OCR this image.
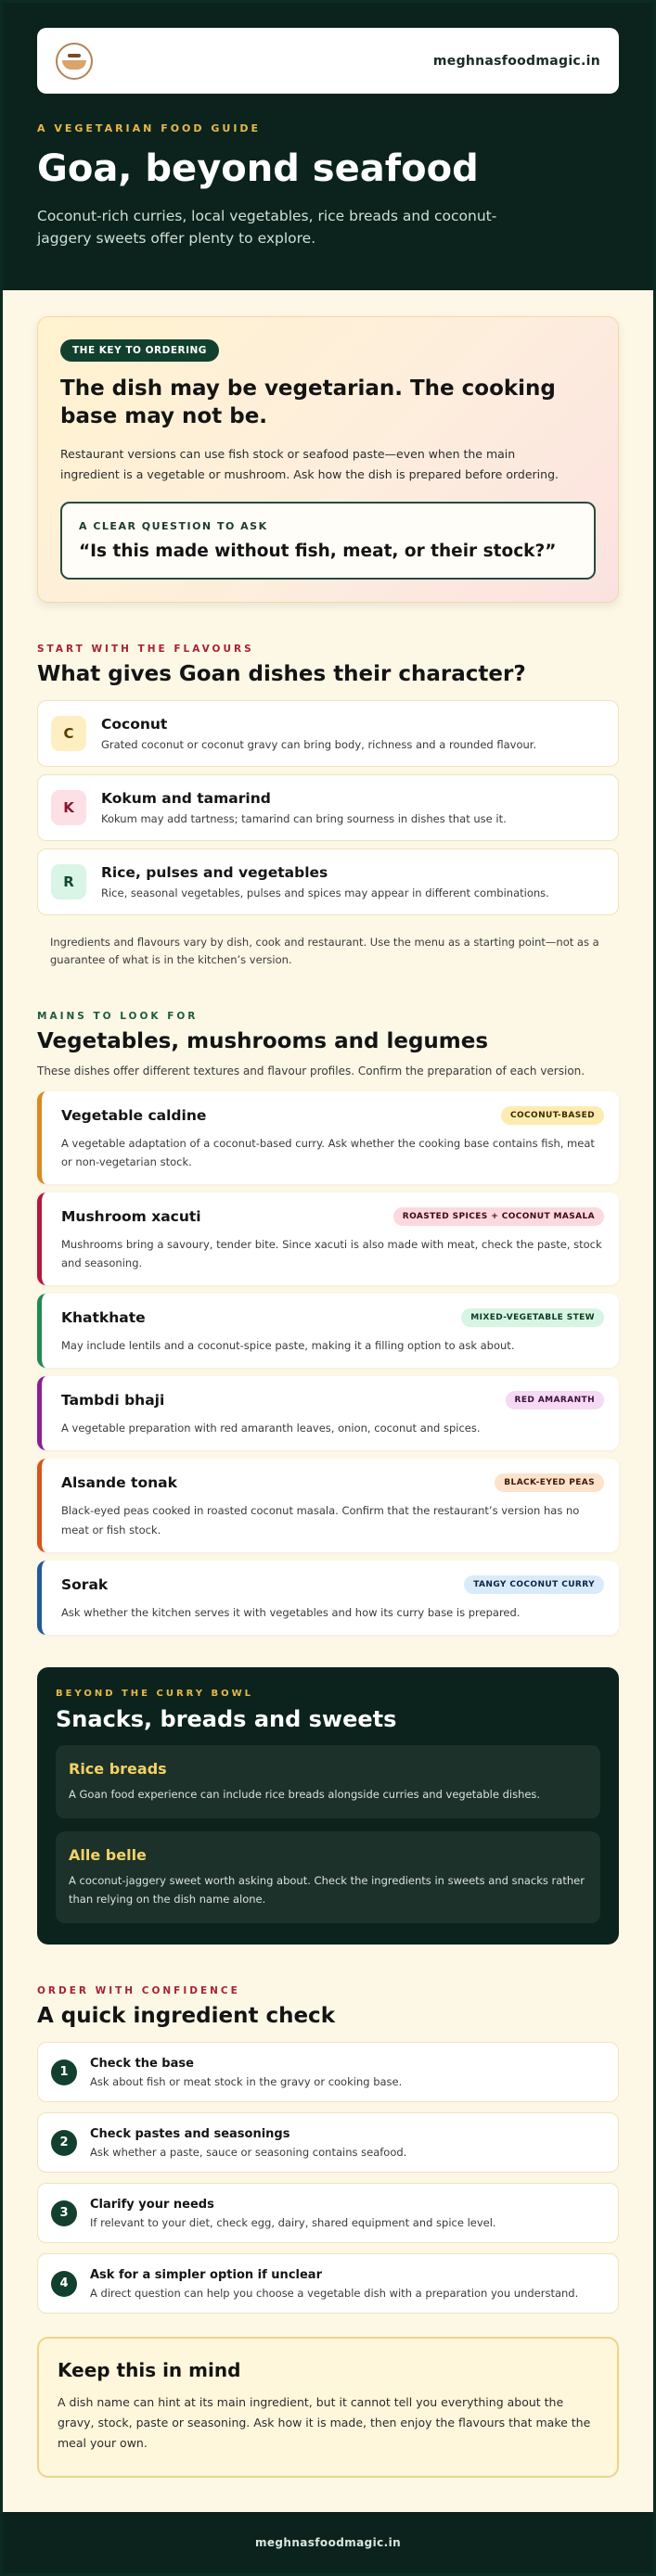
meghnasfoodmagic.in
A VEGETARIAN FOOD GUIDE
Goa, beyond seafood

Coconut-rich curries, local vegetables, rice breads and coconut-jaggery sweets offer plenty to explore.

THE KEY TO ORDERING
The dish may be vegetarian. The cooking base may not be.

Restaurant versions can use fish stock or seafood paste—even when the main ingredient is a vegetable or mushroom. Ask how the dish is prepared before ordering.

A CLEAR QUESTION TO ASK
“Is this made without fish, meat, or their stock?”
START WITH THE FLAVOURS
What gives Goan dishes their character?
C
Coconut
Grated coconut or coconut gravy can bring body, richness and a rounded flavour.
K
Kokum and tamarind
Kokum may add tartness; tamarind can bring sourness in dishes that use it.
R
Rice, pulses and vegetables
Rice, seasonal vegetables, pulses and spices may appear in different combinations.

Ingredients and flavours vary by dish, cook and restaurant. Use the menu as a starting point—not as a guarantee of what is in the kitchen’s version.

MAINS TO LOOK FOR
Vegetables, mushrooms and legumes

These dishes offer different textures and flavour profiles. Confirm the preparation of each version.

Vegetable caldine	COCONUT-BASED
A vegetable adaptation of a coconut-based curry. Ask whether the cooking base contains fish, meat or non-vegetarian stock.
Mushroom xacuti	ROASTED SPICES + COCONUT MASALA
Mushrooms bring a savoury, tender bite. Since xacuti is also made with meat, check the paste, stock and seasoning.
Khatkhate	MIXED-VEGETABLE STEW
May include lentils and a coconut-spice paste, making it a filling option to ask about.
Tambdi bhaji	RED AMARANTH
A vegetable preparation with red amaranth leaves, onion, coconut and spices.
Alsande tonak	BLACK-EYED PEAS
Black-eyed peas cooked in roasted coconut masala. Confirm that the restaurant’s version has no meat or fish stock.
Sorak	TANGY COCONUT CURRY
Ask whether the kitchen serves it with vegetables and how its curry base is prepared.
BEYOND THE CURRY BOWL
Snacks, breads and sweets
Rice breads
A Goan food experience can include rice breads alongside curries and vegetable dishes.
Alle belle
A coconut-jaggery sweet worth asking about. Check the ingredients in sweets and snacks rather than relying on the dish name alone.
ORDER WITH CONFIDENCE
A quick ingredient check
1
Check the base
Ask about fish or meat stock in the gravy or cooking base.
2
Check pastes and seasonings
Ask whether a paste, sauce or seasoning contains seafood.
3
Clarify your needs
If relevant to your diet, check egg, dairy, shared equipment and spice level.
4
Ask for a simpler option if unclear
A direct question can help you choose a vegetable dish with a preparation you understand.
Keep this in mind

A dish name can hint at its main ingredient, but it cannot tell you everything about the gravy, stock, paste or seasoning. Ask how it is made, then enjoy the flavours that make the meal your own.

meghnasfoodmagic.in
